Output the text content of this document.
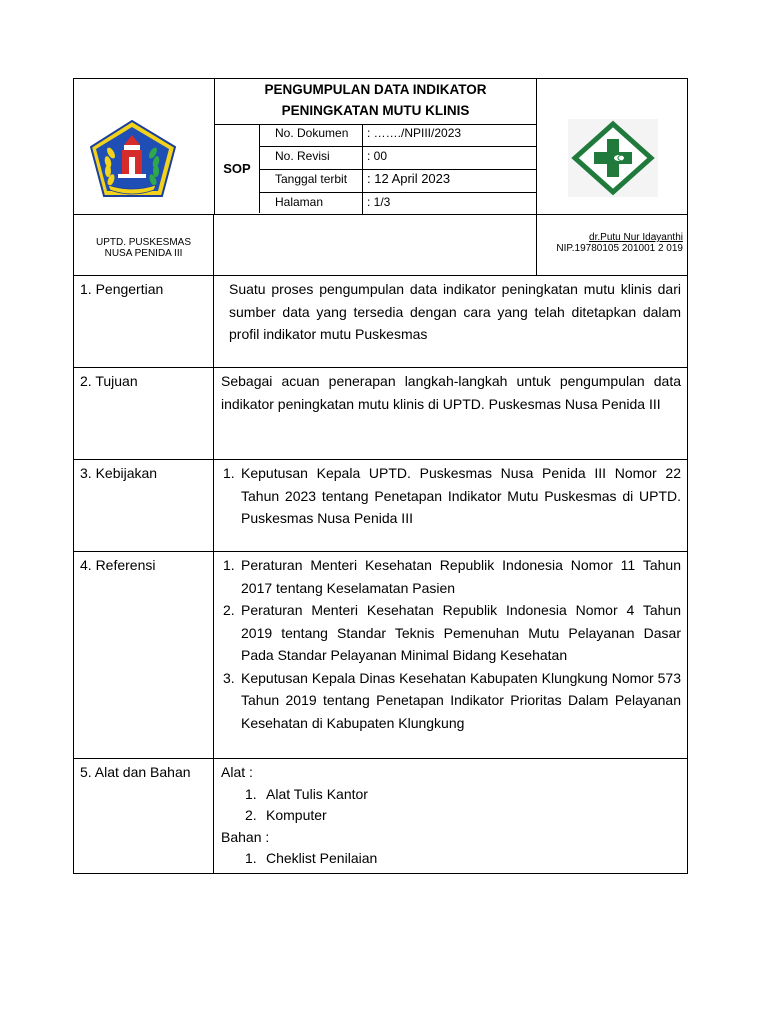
PENGUMPULAN DATA INDIKATOR
PENINGKATAN MUTU KLINIS
SOP
No. Dokumen	: ……./NPIII/2023
No. Revisi	: 00
Tanggal terbit	: 12 April 2023
Halaman	: 1/3
UPTD. PUSKESMAS
NUSA PENIDA III
dr.Putu Nur Idayanthi
NIP.19780105 201001 2 019
1. Pengertian	Suatu proses pengumpulan data indikator peningkatan mutu klinis dari sumber data yang tersedia dengan cara yang telah ditetapkan dalam profil indikator mutu Puskesmas
2. Tujuan	Sebagai acuan penerapan langkah-langkah untuk pengumpulan data indikator peningkatan mutu klinis di UPTD. Puskesmas Nusa Penida III
3. Kebijakan	1. Keputusan Kepala UPTD. Puskesmas Nusa Penida III Nomor 22 Tahun 2023 tentang Penetapan Indikator Mutu Puskesmas di UPTD. Puskesmas Nusa Penida III
4. Referensi	1. Peraturan Menteri Kesehatan Republik Indonesia Nomor 11 Tahun 2017 tentang Keselamatan Pasien
2. Peraturan Menteri Kesehatan Republik Indonesia Nomor 4 Tahun 2019 tentang Standar Teknis Pemenuhan Mutu Pelayanan Dasar Pada Standar Pelayanan Minimal Bidang Kesehatan
3. Keputusan Kepala Dinas Kesehatan Kabupaten Klungkung Nomor 573 Tahun 2019 tentang Penetapan Indikator Prioritas Dalam Pelayanan Kesehatan di Kabupaten Klungkung
5. Alat dan Bahan	Alat :
1. Alat Tulis Kantor
2. Komputer
Bahan :
1. Cheklist Penilaian
